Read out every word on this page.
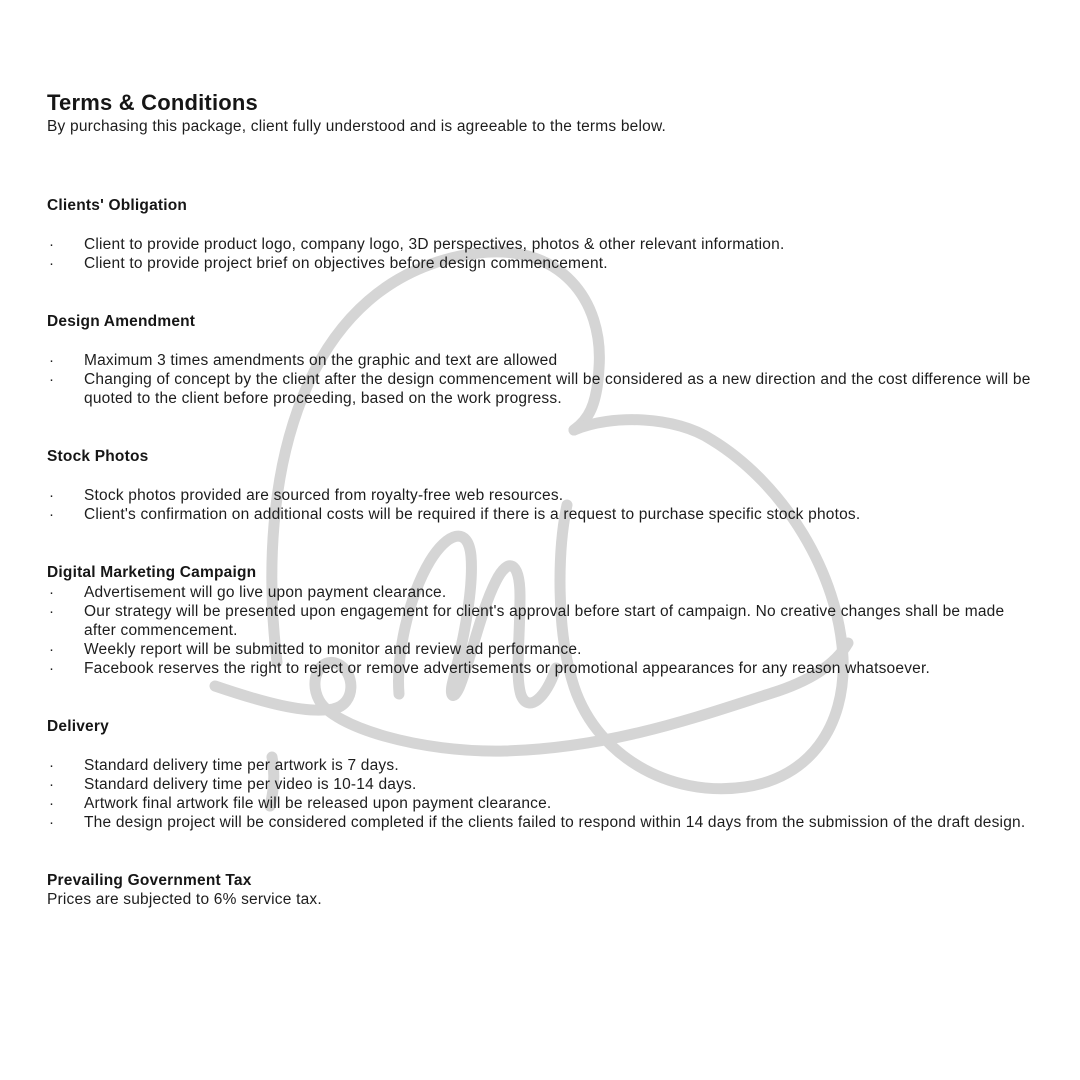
Terms & Conditions

By purchasing this package, client fully understood and is agreeable to the terms below.

Clients' Obligation
·	Client to provide product logo, company logo, 3D perspectives, photos & other relevant information.
·	Client to provide project brief on objectives before design commencement.
Design Amendment
·	Maximum 3 times amendments on the graphic and text are allowed
·	Changing of concept by the client after the design commencement will be considered as a new direction and the cost difference will be quoted to the client before proceeding, based on the work progress.
Stock Photos
·	Stock photos provided are sourced from royalty-free web resources.
·	Client's confirmation on additional costs will be required if there is a request to purchase specific stock photos.
Digital Marketing Campaign
·	Advertisement will go live upon payment clearance.
·	Our strategy will be presented upon engagement for client's approval before start of campaign. No creative changes shall be made after commencement.
·	Weekly report will be submitted to monitor and review ad performance.
·	Facebook reserves the right to reject or remove advertisements or promotional appearances for any reason whatsoever.
Delivery
·	Standard delivery time per artwork is 7 days.
·	Standard delivery time per video is 10-14 days.
·	Artwork final artwork file will be released upon payment clearance.
·	The design project will be considered completed if the clients failed to respond within 14 days from the submission of the draft design.
Prevailing Government Tax

Prices are subjected to 6% service tax.
